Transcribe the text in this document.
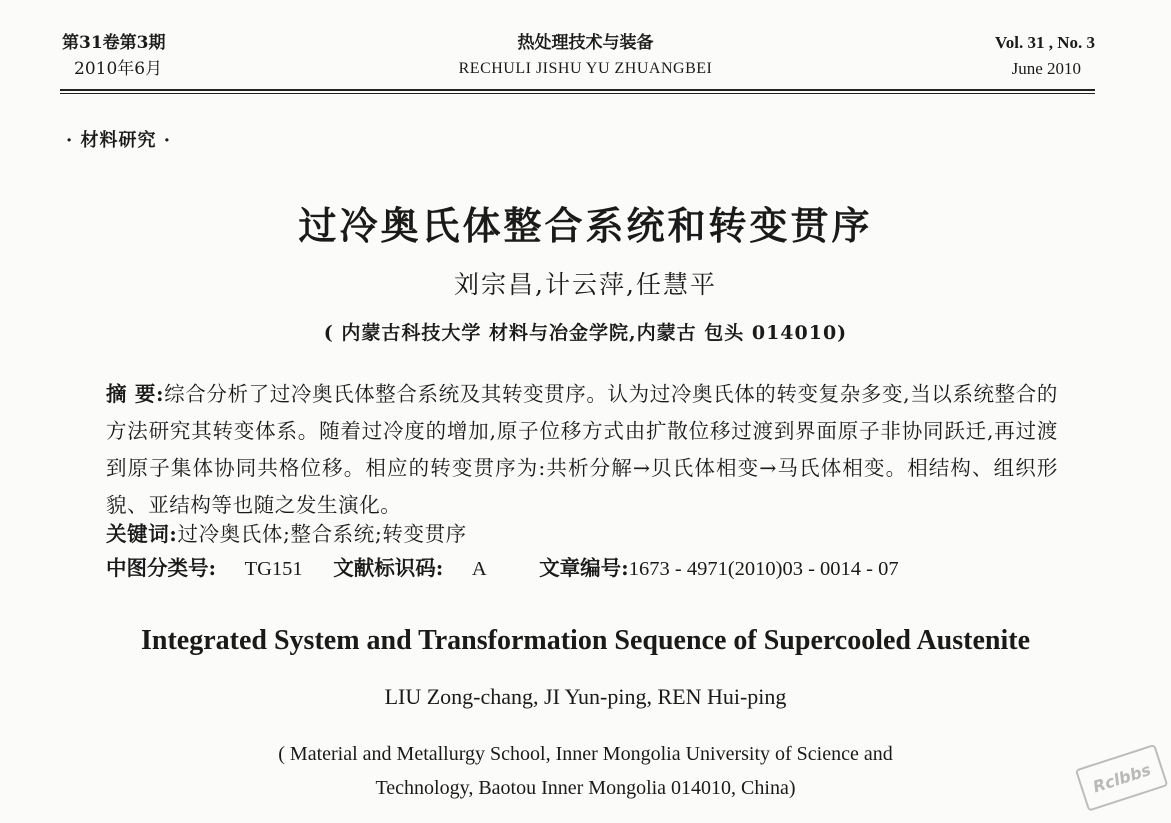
第31卷第3期
2010年6月
热处理技术与装备
RECHULI JISHU YU ZHUANGBEI
Vol. 31 , No. 3
June 2010
· 材料研究 ·
过冷奥氏体整合系统和转变贯序
刘宗昌,计云萍,任慧平
( 内蒙古科技大学 材料与冶金学院,内蒙古 包头 014010)
摘 要:综合分析了过冷奥氏体整合系统及其转变贯序。认为过冷奥氏体的转变复杂多变,当以系统整合的方法研究其转变体系。随着过冷度的增加,原子位移方式由扩散位移过渡到界面原子非协同跃迁,再过渡到原子集体协同共格位移。相应的转变贯序为:共析分解→贝氏体相变→马氏体相变。相结构、组织形貌、亚结构等也随之发生演化。
关键词:过冷奥氏体;整合系统;转变贯序
中图分类号: TG151 文献标识码: A	文章编号:1673 - 4971(2010)03 - 0014 - 07
Integrated System and Transformation Sequence of Supercooled Austenite
LIU Zong-chang, JI Yun-ping, REN Hui-ping
( Material and Metallurgy School, Inner Mongolia University of Science and
Technology, Baotou Inner Mongolia 014010, China)	Rclbbs
